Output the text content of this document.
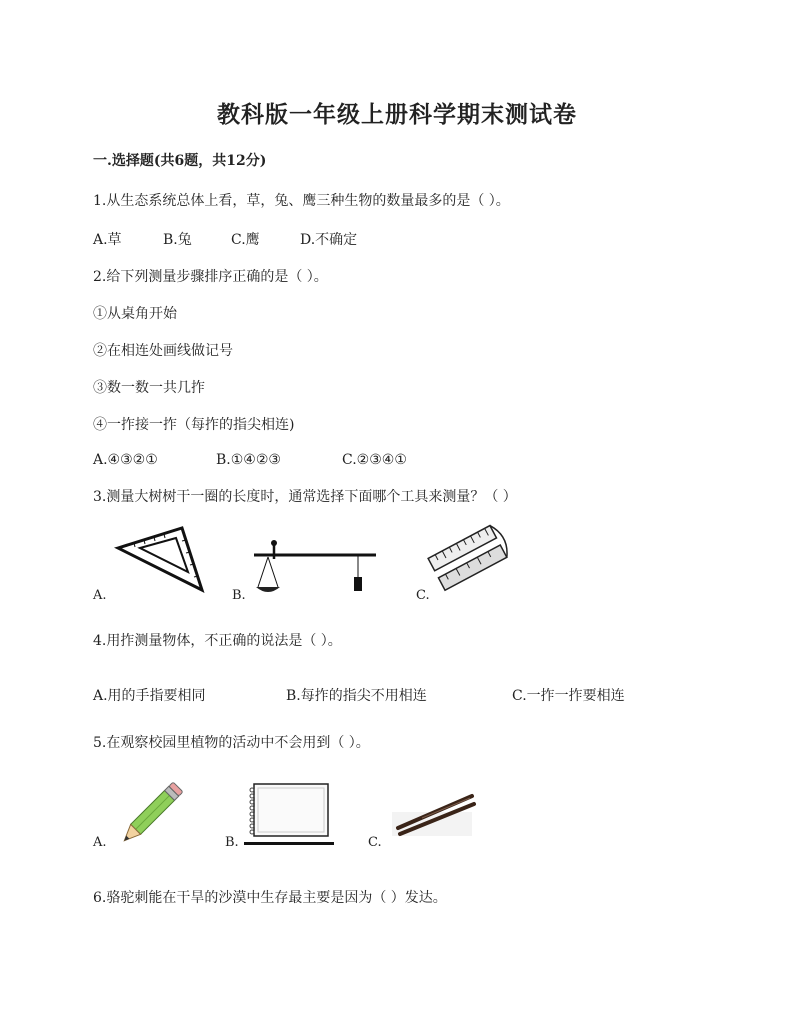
教科版一年级上册科学期末测试卷
一.选择题(共6题，共12分)
1.从生态系统总体上看，草，兔、鹰三种生物的数量最多的是（ ）。
A.草	B.兔	C.鹰	D.不确定
2.给下列测量步骤排序正确的是（ ）。
①从桌角开始
②在相连处画线做记号
③数一数一共几拃
④一拃接一拃（每拃的指尖相连)
A.④③②①	B.①④②③	C.②③④①
3.测量大树树干一圈的长度时，通常选择下面哪个工具来测量？（ ）
A.	B.	C.
4.用拃测量物体，不正确的说法是（ ）。
A.用的手指要相同	B.每拃的指尖不用相连	C.一拃一拃要相连
5.在观察校园里植物的活动中不会用到（ ）。
A.	B.	C.
6.骆驼刺能在干旱的沙漠中生存最主要是因为（ ）发达。
